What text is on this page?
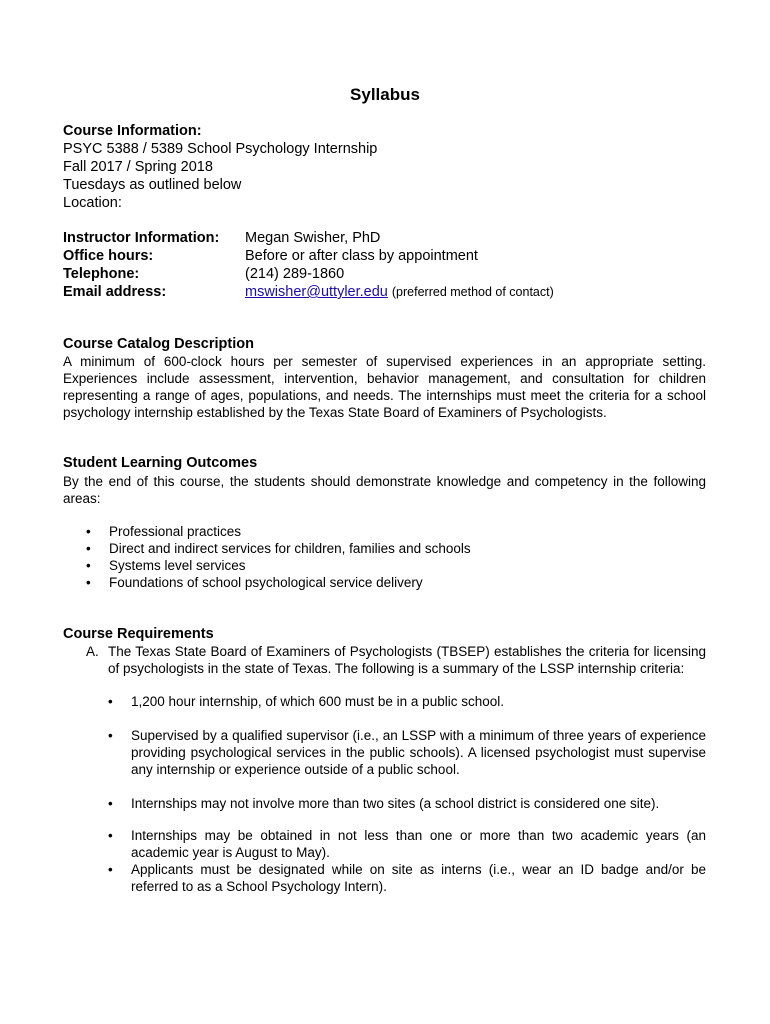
Syllabus
Course Information:
PSYC 5388 / 5389 School Psychology Internship
Fall 2017 / Spring 2018
Tuesdays as outlined below
Location:
Instructor Information:
Office hours:
Telephone:
Email address:
Megan Swisher, PhD
Before or after class by appointment
(214) 289-1860
mswisher@uttyler.edu (preferred method of contact)
Course Catalog Description
A minimum of 600-clock hours per semester of supervised experiences in an appropriate setting. Experiences include assessment, intervention, behavior management, and consultation for children representing a range of ages, populations, and needs. The internships must meet the criteria for a school psychology internship established by the Texas State Board of Examiners of Psychologists.
Student Learning Outcomes
By the end of this course, the students should demonstrate knowledge and competency in the following areas:
• Professional practices
• Direct and indirect services for children, families and schools
• Systems level services
• Foundations of school psychological service delivery
Course Requirements
A. The Texas State Board of Examiners of Psychologists (TBSEP) establishes the criteria for licensing of psychologists in the state of Texas. The following is a summary of the LSSP internship criteria:
• 1,200 hour internship, of which 600 must be in a public school.
• Supervised by a qualified supervisor (i.e., an LSSP with a minimum of three years of experience providing psychological services in the public schools). A licensed psychologist must supervise any internship or experience outside of a public school.
• Internships may not involve more than two sites (a school district is considered one site).
• Internships may be obtained in not less than one or more than two academic years (an academic year is August to May).
• Applicants must be designated while on site as interns (i.e., wear an ID badge and/or be referred to as a School Psychology Intern).
